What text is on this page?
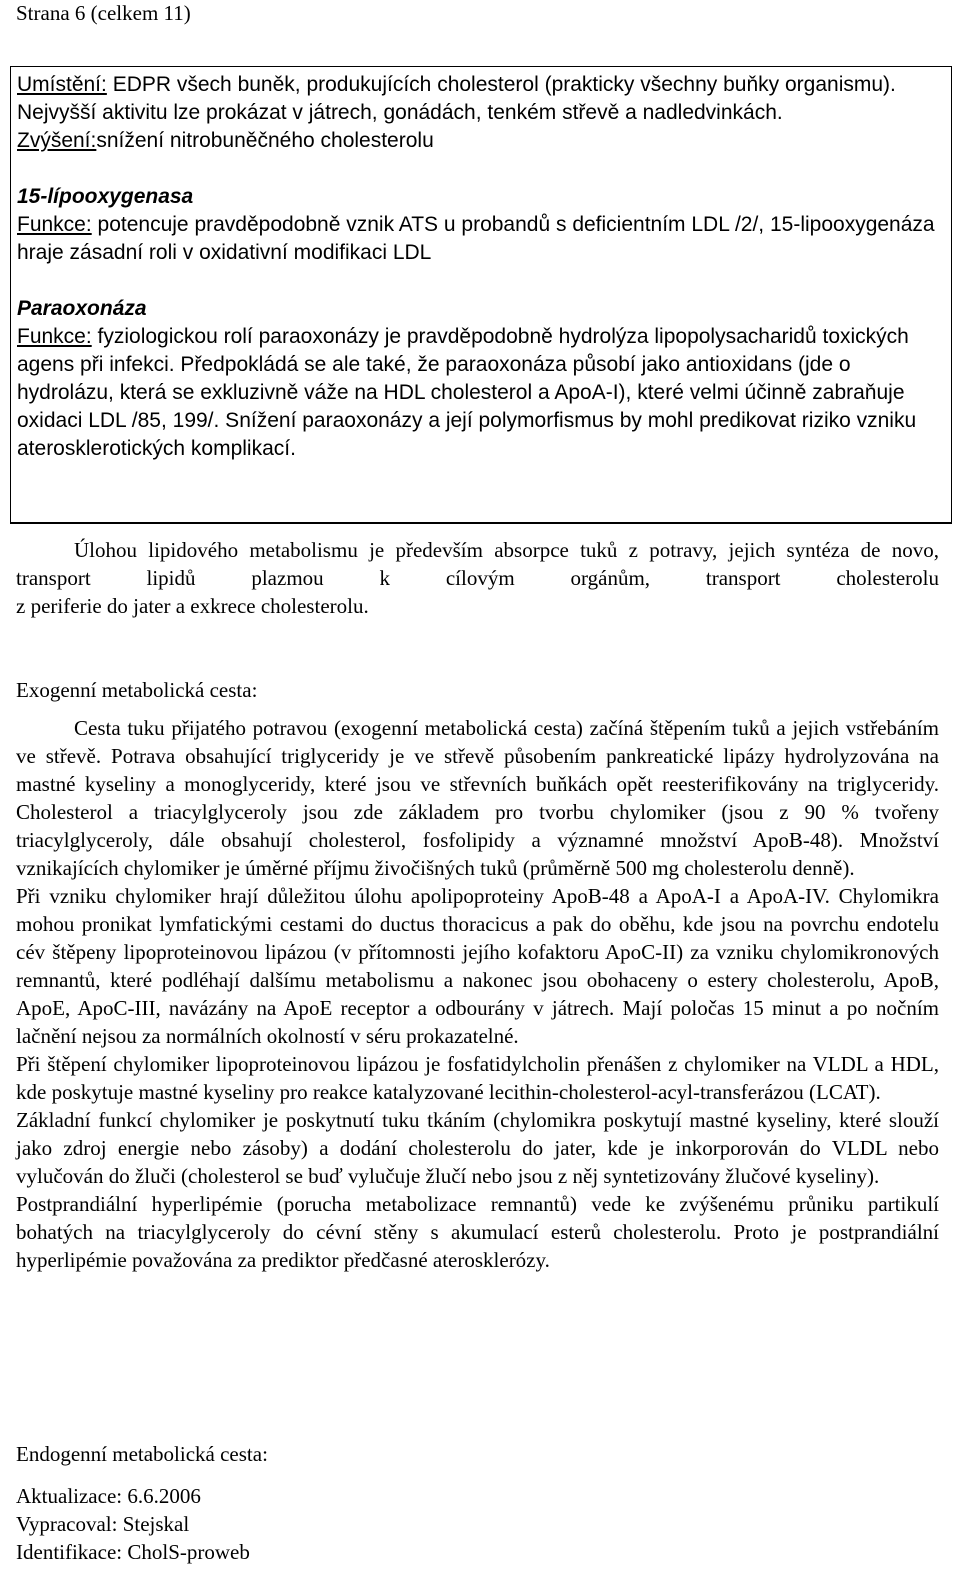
Strana 6 (celkem 11)

Umístění: EDPR všech buněk, produkujících cholesterol (prakticky všechny buňky organismu). Nejvyšší aktivitu lze prokázat v játrech, gonádách, tenkém střevě a nadledvinkách.

Zvýšení:snížení nitrobuněčného cholesterolu

15-lípooxygenasa

Funkce: potencuje pravděpodobně vznik ATS u probandů s deficientním LDL /2/, 15-lipooxygenáza hraje zásadní roli v oxidativní modifikaci LDL

Paraoxonáza

Funkce: fyziologickou rolí paraoxonázy je pravděpodobně hydrolýza lipopolysacharidů toxických agens při infekci. Předpokládá se ale také, že paraoxonáza působí jako antioxidans (jde o hydrolázu, která se exkluzivně váže na HDL cholesterol a ApoA-I), které velmi účinně zabraňuje oxidaci LDL /85, 199/. Snížení paraoxonázy a její polymorfismus by mohl predikovat riziko vzniku aterosklerotických komplikací.

Úlohou lipidového metabolismu je především absorpce tuků z potravy, jejich syntéza de novo, transport lipidů plazmou k cílovým orgánům, transport cholesterolu

z periferie do jater a exkrece cholesterolu.

Exogenní metabolická cesta:

Cesta tuku přijatého potravou (exogenní metabolická cesta) začíná štěpením tuků a jejich vstřebáním ve střevě. Potrava obsahující triglyceridy je ve střevě působením pankreatické lipázy hydrolyzována na mastné kyseliny a monoglyceridy, které jsou ve střevních buňkách opět reesterifikovány na triglyceridy. Cholesterol a triacylglyceroly jsou zde základem pro tvorbu chylomiker (jsou z 90 % tvořeny triacylglyceroly, dále obsahují cholesterol, fosfolipidy a významné množství ApoB-48). Množství vznikajících chylomiker je úměrné příjmu živočišných tuků (průměrně 500 mg cholesterolu denně).

Při vzniku chylomiker hrají důležitou úlohu apolipoproteiny ApoB-48 a ApoA-I a ApoA-IV. Chylomikra mohou pronikat lymfatickými cestami do ductus thoracicus a pak do oběhu, kde jsou na povrchu endotelu cév štěpeny lipoproteinovou lipázou (v přítomnosti jejího kofaktoru ApoC-II) za vzniku chylomikronových remnantů, které podléhají dalšímu metabolismu a nakonec jsou obohaceny o estery cholesterolu, ApoB, ApoE, ApoC-III, navázány na ApoE receptor a odbourány v játrech. Mají poločas 15 minut a po nočním lačnění nejsou za normálních okolností v séru prokazatelné.

Při štěpení chylomiker lipoproteinovou lipázou je fosfatidylcholin přenášen z chylomiker na VLDL a HDL, kde poskytuje mastné kyseliny pro reakce katalyzované lecithin-cholesterol-acyl-transferázou (LCAT).

Základní funkcí chylomiker je poskytnutí tuku tkáním (chylomikra poskytují mastné kyseliny, které slouží jako zdroj energie nebo zásoby) a dodání cholesterolu do jater, kde je inkorporován do VLDL nebo vylučován do žluči (cholesterol se buď vylučuje žlučí nebo jsou z něj syntetizovány žlučové kyseliny).

Postprandiální hyperlipémie (porucha metabolizace remnantů) vede ke zvýšenému průniku partikulí bohatých na triacylglyceroly do cévní stěny s akumulací esterů cholesterolu. Proto je postprandiální hyperlipémie považována za prediktor předčasné aterosklerózy.

Endogenní metabolická cesta:
Aktualizace: 6.6.2006
Vypracoval: Stejskal
Identifikace: CholS-proweb
